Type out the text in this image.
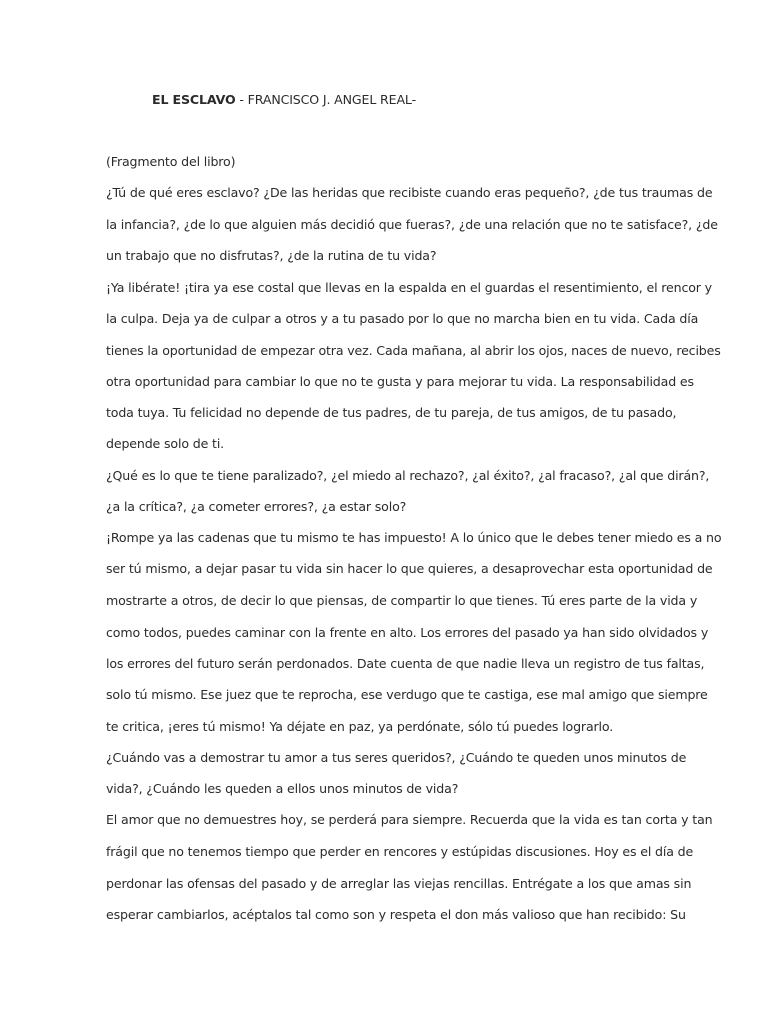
EL ESCLAVO - FRANCISCO J. ANGEL REAL-
(Fragmento del libro)
¿Tú de qué eres esclavo? ¿De las heridas que recibiste cuando eras pequeño?, ¿de tus traumas de
la infancia?, ¿de lo que alguien más decidió que fueras?, ¿de una relación que no te satisface?, ¿de
un trabajo que no disfrutas?, ¿de la rutina de tu vida?
¡Ya libérate! ¡tira ya ese costal que llevas en la espalda en el guardas el resentimiento, el rencor y
la culpa. Deja ya de culpar a otros y a tu pasado por lo que no marcha bien en tu vida. Cada día
tienes la oportunidad de empezar otra vez. Cada mañana, al abrir los ojos, naces de nuevo, recibes
otra oportunidad para cambiar lo que no te gusta y para mejorar tu vida. La responsabilidad es
toda tuya. Tu felicidad no depende de tus padres, de tu pareja, de tus amigos, de tu pasado,
depende solo de ti.
¿Qué es lo que te tiene paralizado?, ¿el miedo al rechazo?, ¿al éxito?, ¿al fracaso?, ¿al que dirán?,
¿a la crítica?, ¿a cometer errores?, ¿a estar solo?
¡Rompe ya las cadenas que tu mismo te has impuesto! A lo único que le debes tener miedo es a no
ser tú mismo, a dejar pasar tu vida sin hacer lo que quieres, a desaprovechar esta oportunidad de
mostrarte a otros, de decir lo que piensas, de compartir lo que tienes. Tú eres parte de la vida y
como todos, puedes caminar con la frente en alto. Los errores del pasado ya han sido olvidados y
los errores del futuro serán perdonados. Date cuenta de que nadie lleva un registro de tus faltas,
solo tú mismo. Ese juez que te reprocha, ese verdugo que te castiga, ese mal amigo que siempre
te critica, ¡eres tú mismo! Ya déjate en paz, ya perdónate, sólo tú puedes lograrlo.
¿Cuándo vas a demostrar tu amor a tus seres queridos?, ¿Cuándo te queden unos minutos de
vida?, ¿Cuándo les queden a ellos unos minutos de vida?
El amor que no demuestres hoy, se perderá para siempre. Recuerda que la vida es tan corta y tan
frágil que no tenemos tiempo que perder en rencores y estúpidas discusiones. Hoy es el día de
perdonar las ofensas del pasado y de arreglar las viejas rencillas. Entrégate a los que amas sin
esperar cambiarlos, acéptalos tal como son y respeta el don más valioso que han recibido: Su
